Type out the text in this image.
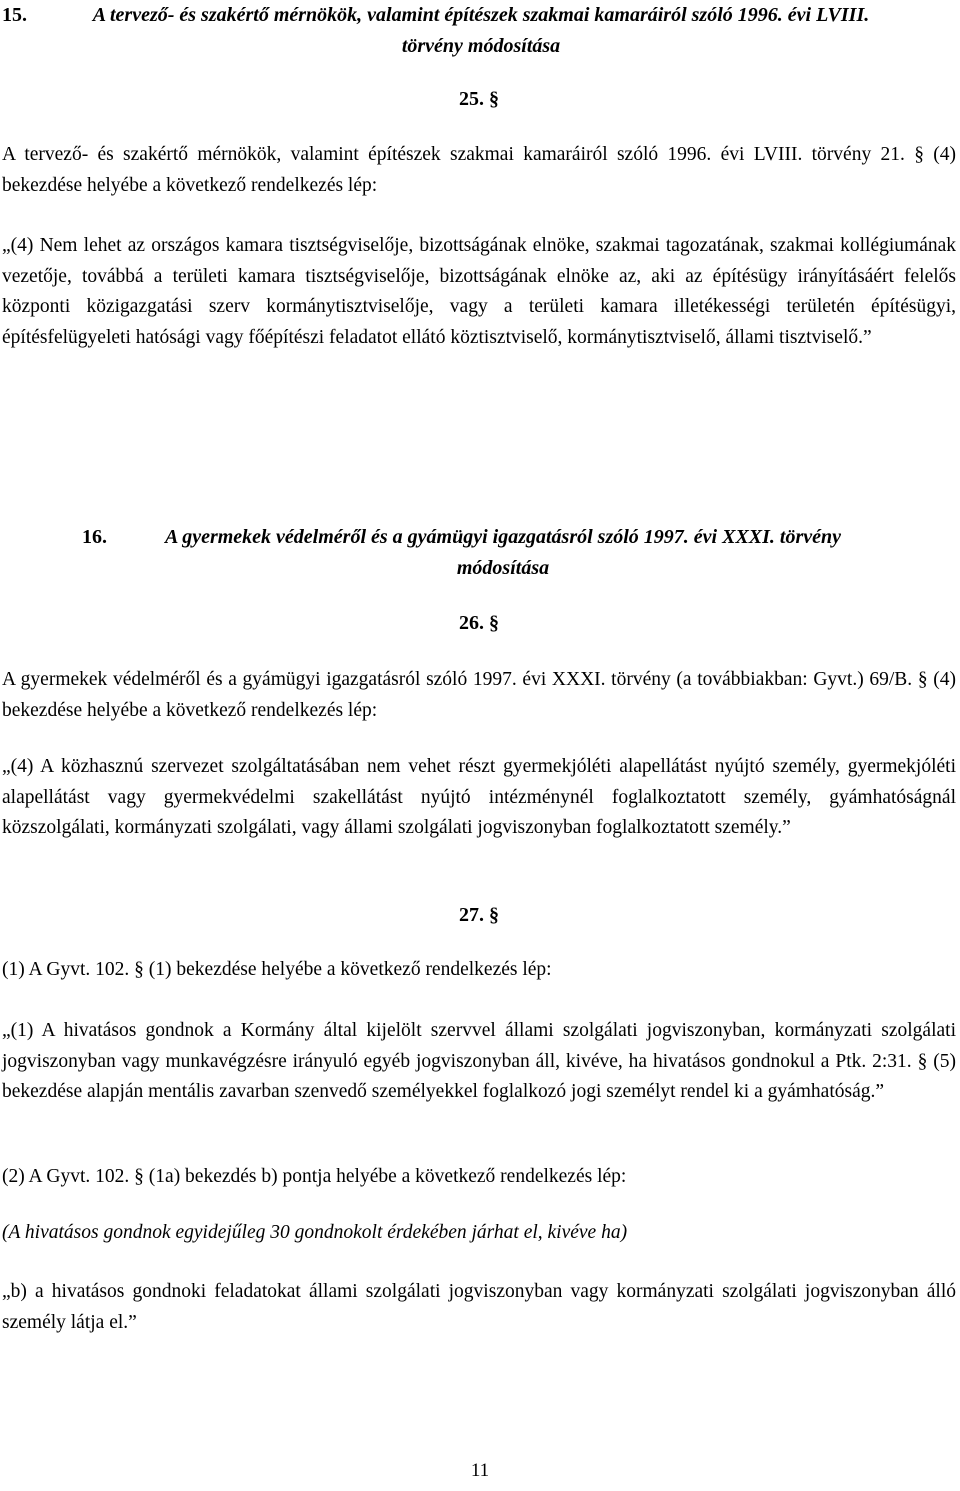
15.	A tervező- és szakértő mérnökök, valamint építészek szakmai kamaráiról szóló 1996. évi LVIII. törvény módosítása
25. §
A tervező- és szakértő mérnökök, valamint építészek szakmai kamaráiról szóló 1996. évi LVIII. törvény 21. § (4) bekezdése helyébe a következő rendelkezés lép:
„(4) Nem lehet az országos kamara tisztségviselője, bizottságának elnöke, szakmai tagozatának, szakmai kollégiumának vezetője, továbbá a területi kamara tisztségviselője, bizottságának elnöke az, aki az építésügy irányításáért felelős központi közigazgatási szerv kormánytisztviselője, vagy a területi kamara illetékességi területén építésügyi, építésfelügyeleti hatósági vagy főépítészi feladatot ellátó köztisztviselő, kormánytisztviselő, állami tisztviselő.”
16.	A gyermekek védelméről és a gyámügyi igazgatásról szóló 1997. évi XXXI. törvény módosítása
26. §
A gyermekek védelméről és a gyámügyi igazgatásról szóló 1997. évi XXXI. törvény (a továbbiakban: Gyvt.) 69/B. § (4) bekezdése helyébe a következő rendelkezés lép:
„(4) A közhasznú szervezet szolgáltatásában nem vehet részt gyermekjóléti alapellátást nyújtó személy, gyermekjóléti alapellátást vagy gyermekvédelmi szakellátást nyújtó intézménynél foglalkoztatott személy, gyámhatóságnál közszolgálati, kormányzati szolgálati, vagy állami szolgálati jogviszonyban foglalkoztatott személy.”
27. §
(1) A Gyvt. 102. § (1) bekezdése helyébe a következő rendelkezés lép:
„(1) A hivatásos gondnok a Kormány által kijelölt szervvel állami szolgálati jogviszonyban, kormányzati szolgálati jogviszonyban vagy munkavégzésre irányuló egyéb jogviszonyban áll, kivéve, ha hivatásos gondnokul a Ptk. 2:31. § (5) bekezdése alapján mentális zavarban szenvedő személyekkel foglalkozó jogi személyt rendel ki a gyámhatóság.”
(2) A Gyvt. 102. § (1a) bekezdés b) pontja helyébe a következő rendelkezés lép:
(A hivatásos gondnok egyidejűleg 30 gondnokolt érdekében járhat el, kivéve ha)
„b) a hivatásos gondnoki feladatokat állami szolgálati jogviszonyban vagy kormányzati szolgálati jogviszonyban álló személy látja el.”
11
